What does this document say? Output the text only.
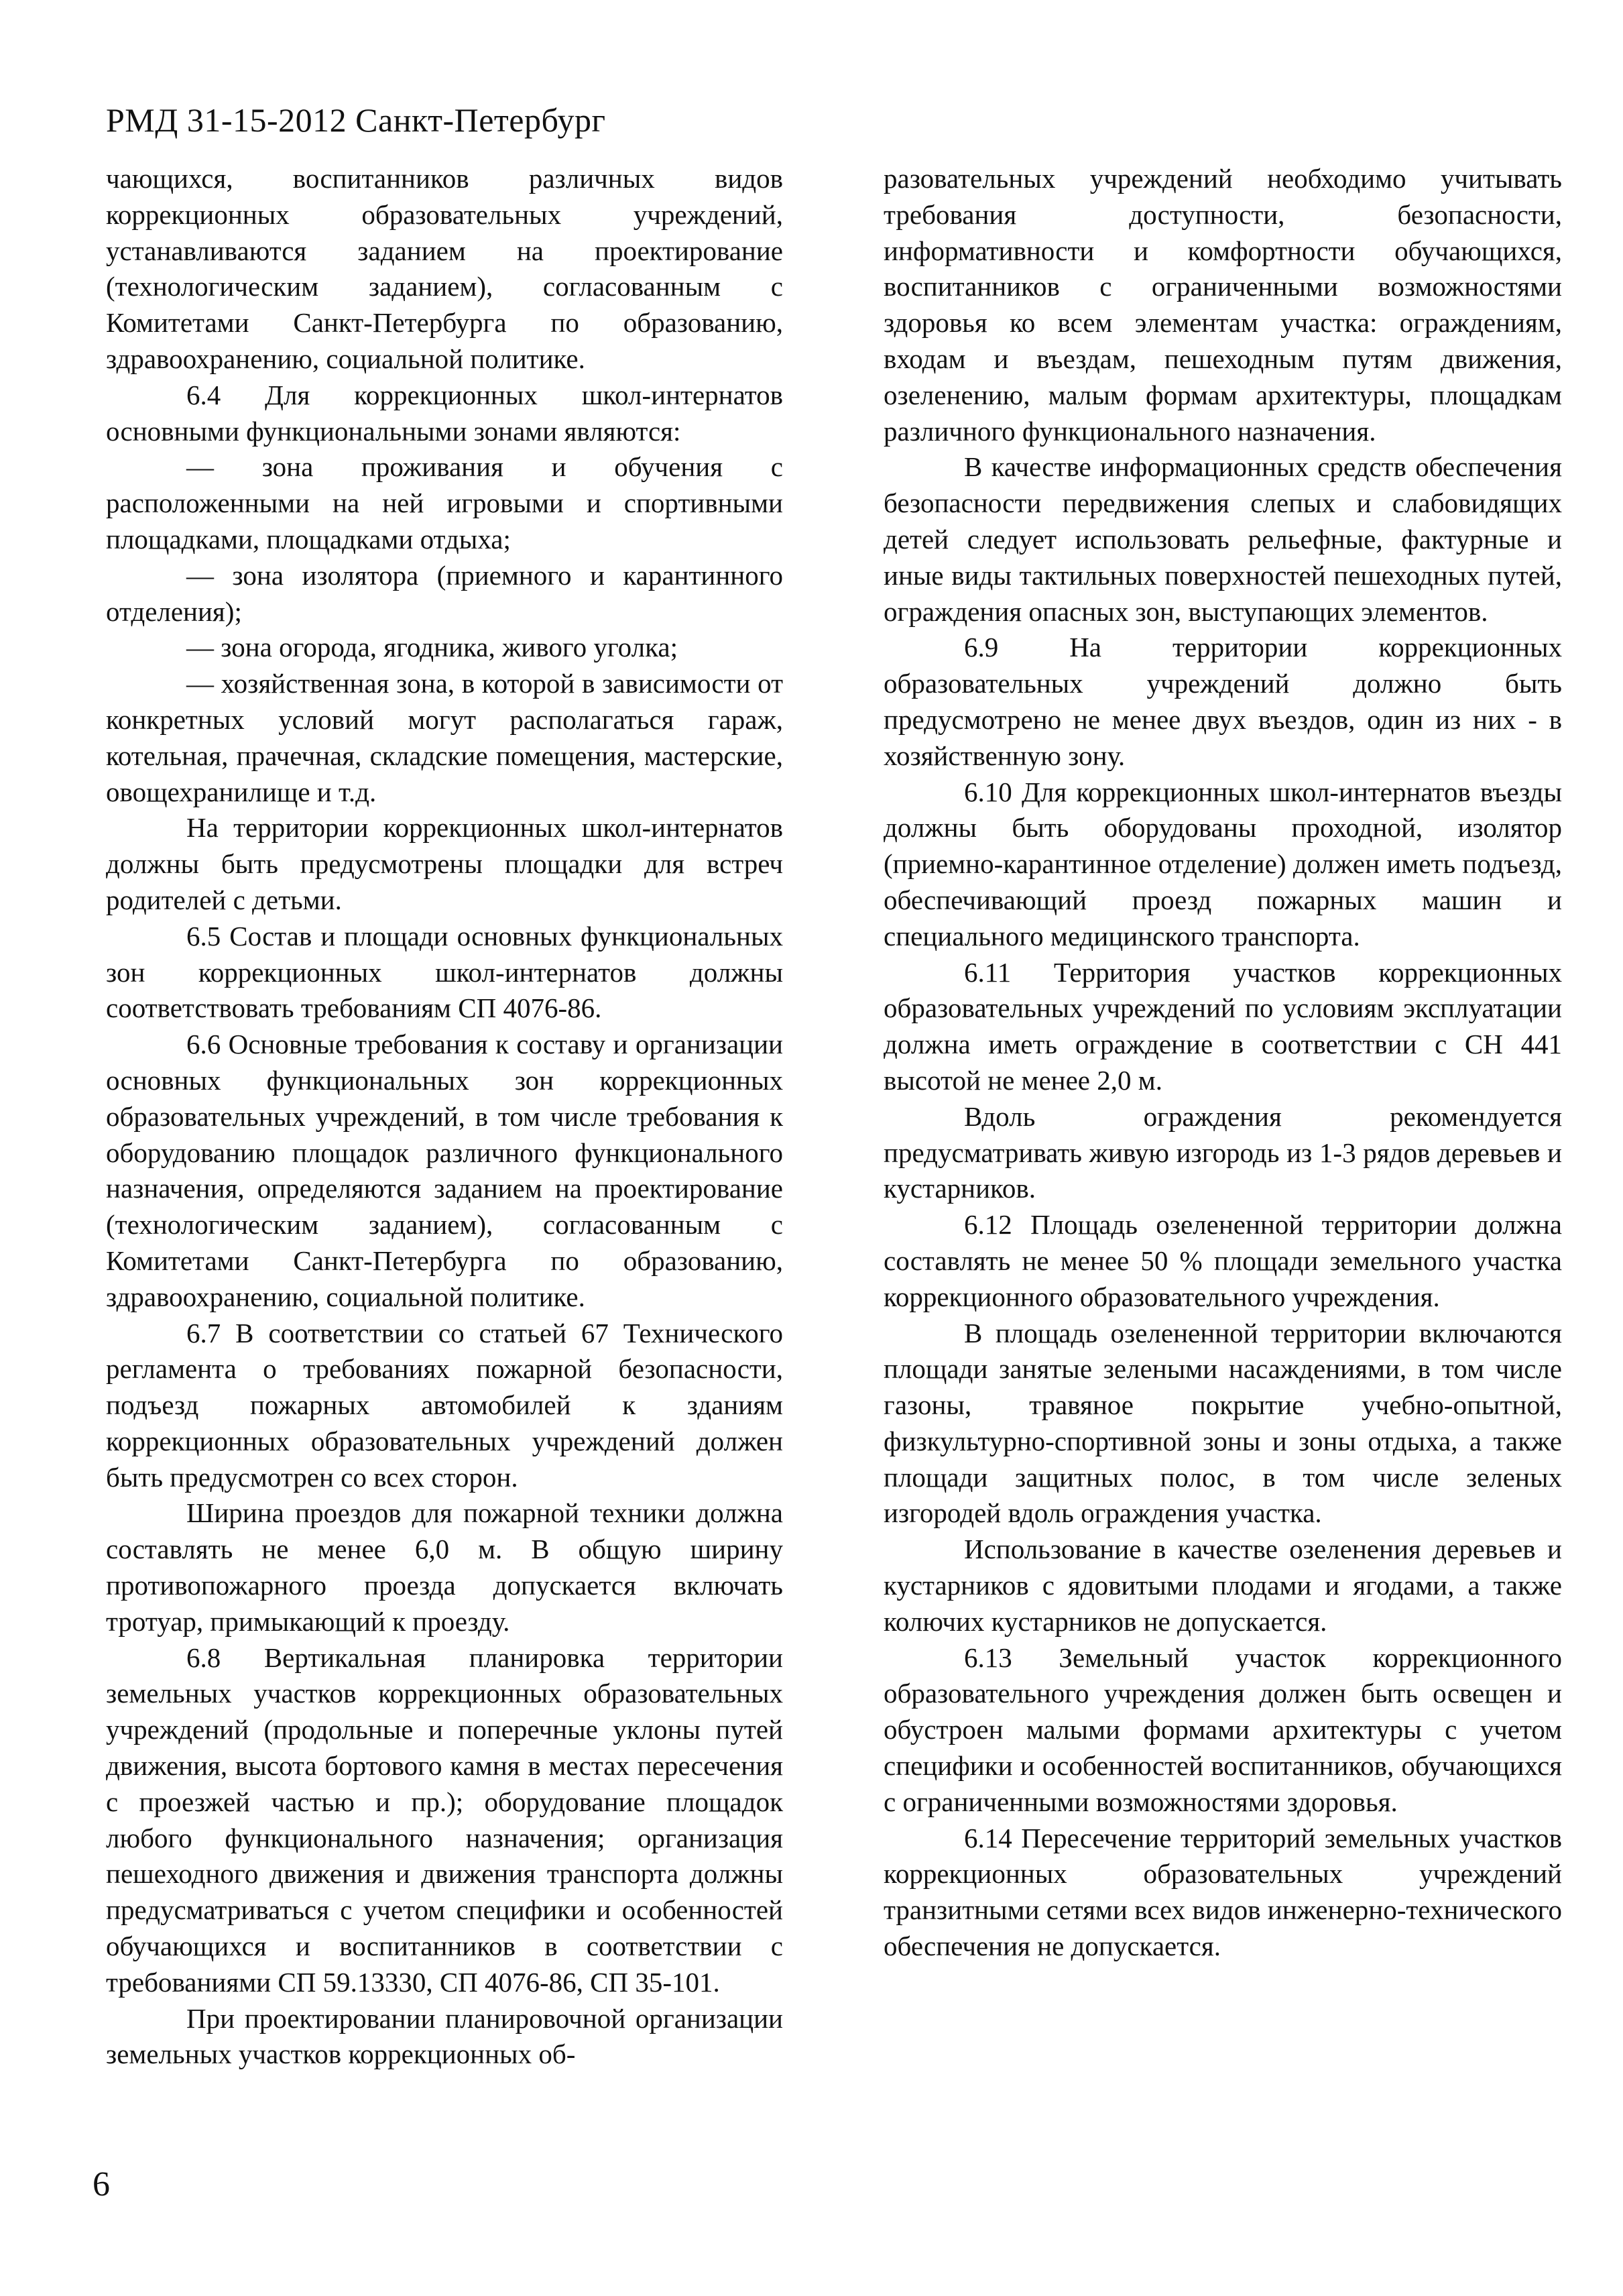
РМД 31-15-2012 Санкт-Петербург

чающихся, воспитанников различных видов коррекционных образовательных учреждений, устанавливаются заданием на проектирование (технологическим заданием), согласованным с Комитетами Санкт-Петербурга по образованию, здравоохранению, социальной политике.

6.4 Для коррекционных школ-интернатов основными функциональными зонами являются:

— зона проживания и обучения с расположенными на ней игровыми и спортивными площадками, площадками отдыха;

— зона изолятора (приемного и карантинного отделения);

— зона огорода, ягодника, живого уголка;

— хозяйственная зона, в которой в зависимости от конкретных условий могут располагаться гараж, котельная, прачечная, складские помещения, мастерские, овощехранилище и т.д.

На территории коррекционных школ-интернатов должны быть предусмотрены площадки для встреч родителей с детьми.

6.5 Состав и площади основных функциональных зон коррекционных школ-интернатов должны соответствовать требованиям СП 4076-86.

6.6 Основные требования к составу и организации основных функциональных зон коррекционных образовательных учреждений, в том числе требования к оборудованию площадок различного функционального назначения, определяются заданием на проектирование (технологическим заданием), согласованным с Комитетами Санкт-Петербурга по образованию, здравоохранению, социальной политике.

6.7 В соответствии со статьей 67 Технического регламента о требованиях пожарной безопасности, подъезд пожарных автомобилей к зданиям коррекционных образовательных учреждений должен быть предусмотрен со всех сторон.

Ширина проездов для пожарной техники должна составлять не менее 6,0 м. В общую ширину противопожарного проезда допускается включать тротуар, примыкающий к проезду.

6.8 Вертикальная планировка территории земельных участков коррекционных образовательных учреждений (продольные и поперечные уклоны путей движения, высота бортового камня в местах пересечения с проезжей частью и пр.); оборудование площадок любого функционального назначения; организация пешеходного движения и движения транспорта должны предусматриваться с учетом специфики и особенностей обучающихся и воспитанников в соответствии с требованиями СП 59.13330, СП 4076-86, СП 35-101.

При проектировании планировочной организации земельных участков коррекционных об-

разовательных учреждений необходимо учитывать требования доступности, безопасности, информативности и комфортности обучающихся, воспитанников с ограниченными возможностями здоровья ко всем элементам участка: ограждениям, входам и въездам, пешеходным путям движения, озеленению, малым формам архитектуры, площадкам различного функционального назначения.

В качестве информационных средств обеспечения безопасности передвижения слепых и слабовидящих детей следует использовать рельефные, фактурные и иные виды тактильных поверхностей пешеходных путей, ограждения опасных зон, выступающих элементов.

6.9 На территории коррекционных образовательных учреждений должно быть предусмотрено не менее двух въездов, один из них - в хозяйственную зону.

6.10 Для коррекционных школ-интернатов въезды должны быть оборудованы проходной, изолятор (приемно-карантинное отделение) должен иметь подъезд, обеспечивающий проезд пожарных машин и специального медицинского транспорта.

6.11 Территория участков коррекционных образовательных учреждений по условиям эксплуатации должна иметь ограждение в соответствии с СН 441 высотой не менее 2,0 м.

Вдоль ограждения рекомендуется предусматривать живую изгородь из 1-3 рядов деревьев и кустарников.

6.12 Площадь озелененной территории должна составлять не менее 50 % площади земельного участка коррекционного образовательного учреждения.

В площадь озелененной территории включаются площади занятые зелеными насаждениями, в том числе газоны, травяное покрытие учебно-опытной, физкультурно-спортивной зоны и зоны отдыха, а также площади защитных полос, в том числе зеленых изгородей вдоль ограждения участка.

Использование в качестве озеленения деревьев и кустарников с ядовитыми плодами и ягодами, а также колючих кустарников не допускается.

6.13 Земельный участок коррекционного образовательного учреждения должен быть освещен и обустроен малыми формами архитектуры с учетом специфики и особенностей воспитанников, обучающихся с ограниченными возможностями здоровья.

6.14 Пересечение территорий земельных участков коррекционных образовательных учреждений транзитными сетями всех видов инженерно-технического обеспечения не допускается.

6
